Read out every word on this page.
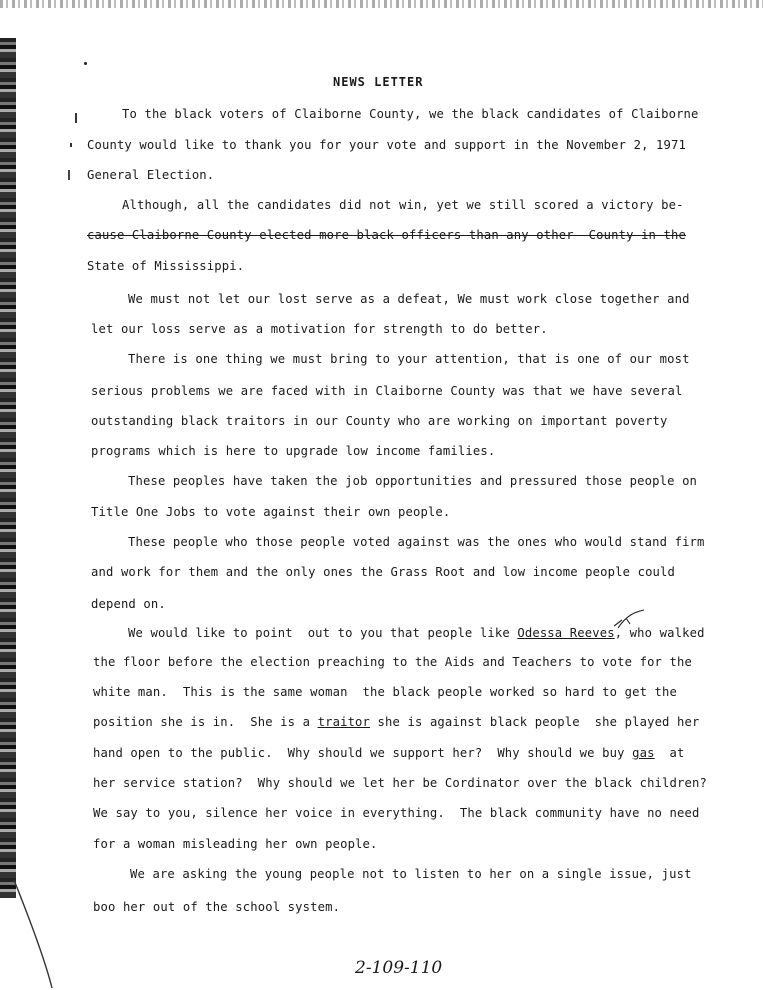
NEWS LETTER
To the black voters of Claiborne County, we the black candidates of Claiborne
County would like to thank you for your vote and support in the November 2, 1971
General Election.
Although, all the candidates did not win, yet we still scored a victory be-
cause Claiborne County elected more black officers than any other  County in the
State of Mississippi.
We must not let our lost serve as a defeat, We must work close together and
let our loss serve as a motivation for strength to do better.
There is one thing we must bring to your attention, that is one of our most
serious problems we are faced with in Claiborne County was that we have several
outstanding black traitors in our County who are working on important poverty
programs which is here to upgrade low income families.
These peoples have taken the job opportunities and pressured those people on
Title One Jobs to vote against their own people.
These people who those people voted against was the ones who would stand firm
and work for them and the only ones the Grass Root and low income people could
depend on.
We would like to point  out to you that people like Odessa Reeves, who walked
the floor before the election preaching to the Aids and Teachers to vote for the
white man.  This is the same woman  the black people worked so hard to get the
position she is in.  She is a traitor she is against black people  she played her
hand open to the public.  Why should we support her?  Why should we buy gas  at
her service station?  Why should we let her be Cordinator over the black children?
We say to you, silence her voice in everything.  The black community have no need
for a woman misleading her own people.
We are asking the young people not to listen to her on a single issue, just
boo her out of the school system.
2-109-110
